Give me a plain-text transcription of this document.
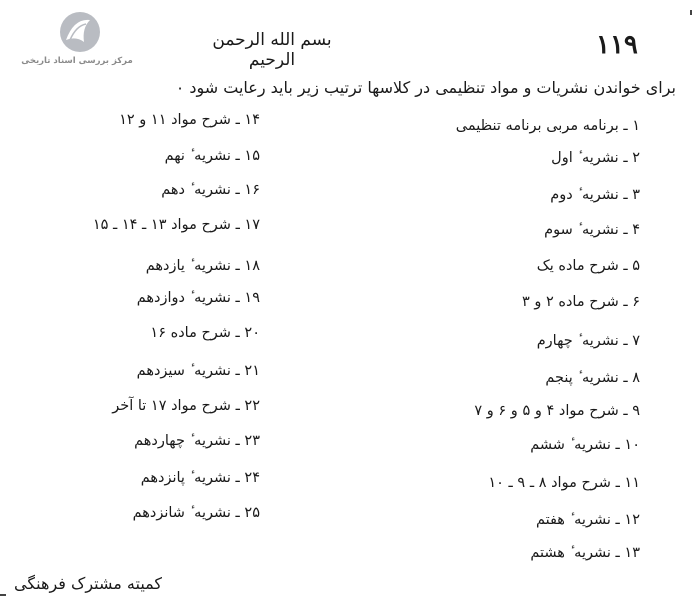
مرکز بررسی اسناد تاریخی
۱۱۹
بسم الله الرحمن الرحیم
برای خواندن نشریات و مواد تنظیمی در کلاسها ترتیب زیر باید رعایت شود ۰
۱ ـ برنامه مربی برنامه تنظیمی
۲ ـ نشریه ٔ اول
۳ ـ نشریه ٔ دوم
۴ ـ نشریه ٔ سوم
۵ ـ شرح ماده یک
۶ ـ شرح ماده ۲ و ۳
۷ ـ نشریه ٔ چهارم
۸ ـ نشریه ٔ پنجم
۹ ـ شرح مواد ۴ و ۵ و ۶ و ۷
۱۰ ـ نشریه ٔ ششم
۱۱ ـ شرح مواد ۸ ـ ۹ ـ ۱۰
۱۲ ـ نشریه ٔ هفتم
۱۳ ـ نشریه ٔ هشتم
۱۴ ـ شرح مواد ۱۱ و ۱۲
۱۵ ـ نشریه ٔ نهم
۱۶ ـ نشریه ٔ دهم
۱۷ ـ شرح مواد ۱۳ ـ ۱۴ ـ ۱۵
۱۸ ـ نشریه ٔ یازدهم
۱۹ ـ نشریه ٔ دوازدهم
۲۰ ـ شرح ماده ۱۶
۲۱ ـ نشریه ٔ سیزدهم
۲۲ ـ شرح مواد ۱۷ تا آخر
۲۳ ـ نشریه ٔ چهاردهم
۲۴ ـ نشریه ٔ پانزدهم
۲۵ ـ نشریه ٔ شانزدهم
کمیته مشترک فرهنگی
